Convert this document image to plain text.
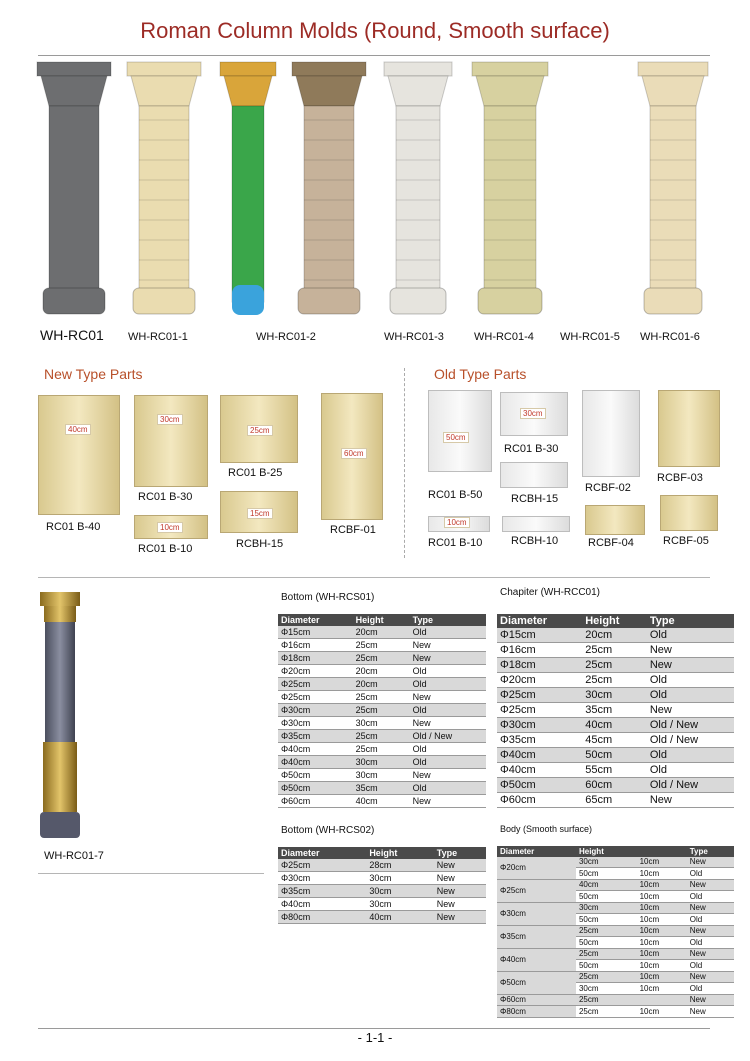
Roman Column Molds (Round, Smooth surface)
WH-RC01 WH-RC01-1	WH-RC01-2	WH-RC01-3	WH-RC01-4 WH-RC01-5 WH-RC01-6
New Type Parts	Old Type Parts
40cm
RC01 B-40
30cm
RC01 B-30
25cm
RC01 B-25
60cm
RCBF-01
10cm
RC01 B-10
15cm
RCBH-15
50cm
RC01 B-50
30cm
RC01 B-30
RCBF-02
RCBF-03
RCBH-15
10cm
RC01 B-10	RCBH-10	RCBF-04	RCBF-05
WH-RC01-7
Bottom (WH-RCS01)
Diameter	Height	Type
Φ15cm	20cm	Old
Φ16cm	25cm	New
Φ18cm	25cm	New
Φ20cm	20cm	Old
Φ25cm	20cm	Old
Φ25cm	25cm	New
Φ30cm	25cm	Old
Φ30cm	30cm	New
Φ35cm	25cm	Old / New
Φ40cm	25cm	Old
Φ40cm	30cm	Old
Φ50cm	30cm	New
Φ50cm	35cm	Old
Φ60cm	40cm	New
Chapiter (WH-RCC01)
Diameter	Height	Type
Φ15cm	20cm	Old
Φ16cm	25cm	New
Φ18cm	25cm	New
Φ20cm	25cm	Old
Φ25cm	30cm	Old
Φ25cm	35cm	New
Φ30cm	40cm	Old / New
Φ35cm	45cm	Old / New
Φ40cm	50cm	Old
Φ40cm	55cm	Old
Φ50cm	60cm	Old / New
Φ60cm	65cm	New
Bottom (WH-RCS02)
Diameter	Height	Type
Φ25cm	28cm	New
Φ30cm	30cm	New
Φ35cm	30cm	New
Φ40cm	30cm	New
Φ80cm	40cm	New
Body (Smooth surface)
Diameter	Height		Type
Φ20cm	30cm	10cm	New
	50cm	10cm	Old
Φ25cm	40cm	10cm	New
	50cm	10cm	Old
Φ30cm	30cm	10cm	New
	50cm	10cm	Old
Φ35cm	25cm	10cm	New
	50cm	10cm	Old
Φ40cm	25cm	10cm	New
	50cm	10cm	Old
Φ50cm	25cm	10cm	New
	30cm	10cm	Old
Φ60cm	25cm		New
Φ80cm	25cm	10cm	New
- 1-1 -
